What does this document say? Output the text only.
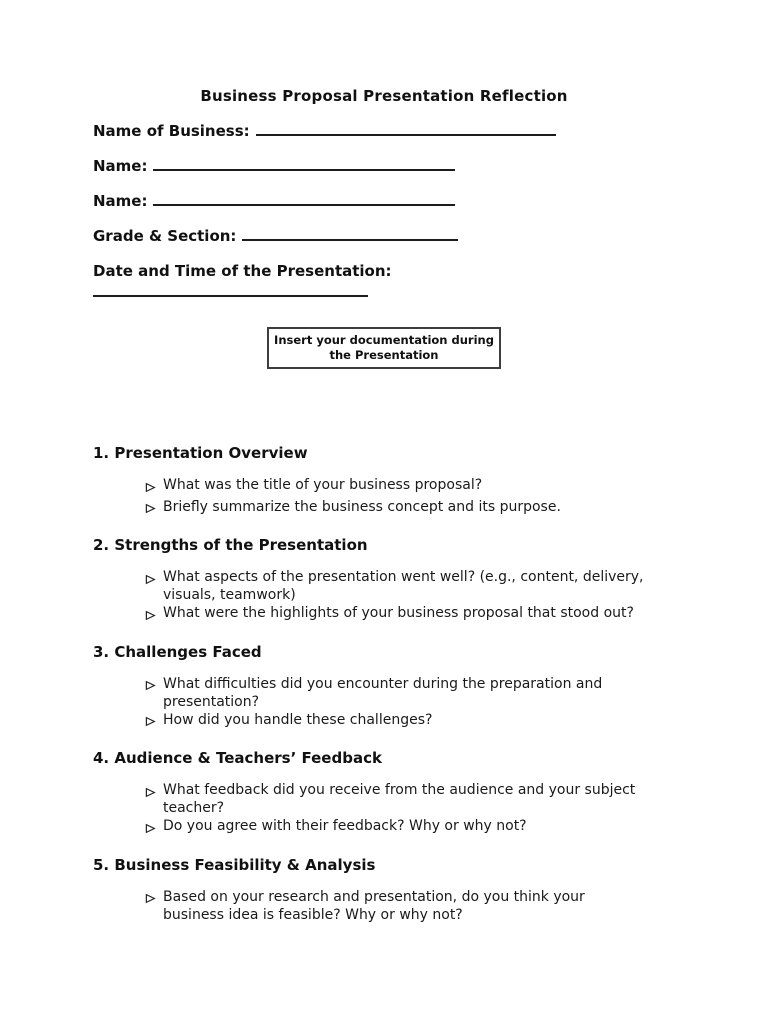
Business Proposal Presentation Reflection
Name of Business:
Name:
Name:
Grade & Section:
Date and Time of the Presentation:
Insert your documentation during
the Presentation
1. Presentation Overview
What was the title of your business proposal?
Briefly summarize the business concept and its purpose.
2. Strengths of the Presentation
What aspects of the presentation went well? (e.g., content, delivery, visuals, teamwork)
What were the highlights of your business proposal that stood out?
3. Challenges Faced
What difficulties did you encounter during the preparation and presentation?
How did you handle these challenges?
4. Audience & Teachers’ Feedback
What feedback did you receive from the audience and your subject teacher?
Do you agree with their feedback? Why or why not?
5. Business Feasibility & Analysis
Based on your research and presentation, do you think your business idea is feasible? Why or why not?
